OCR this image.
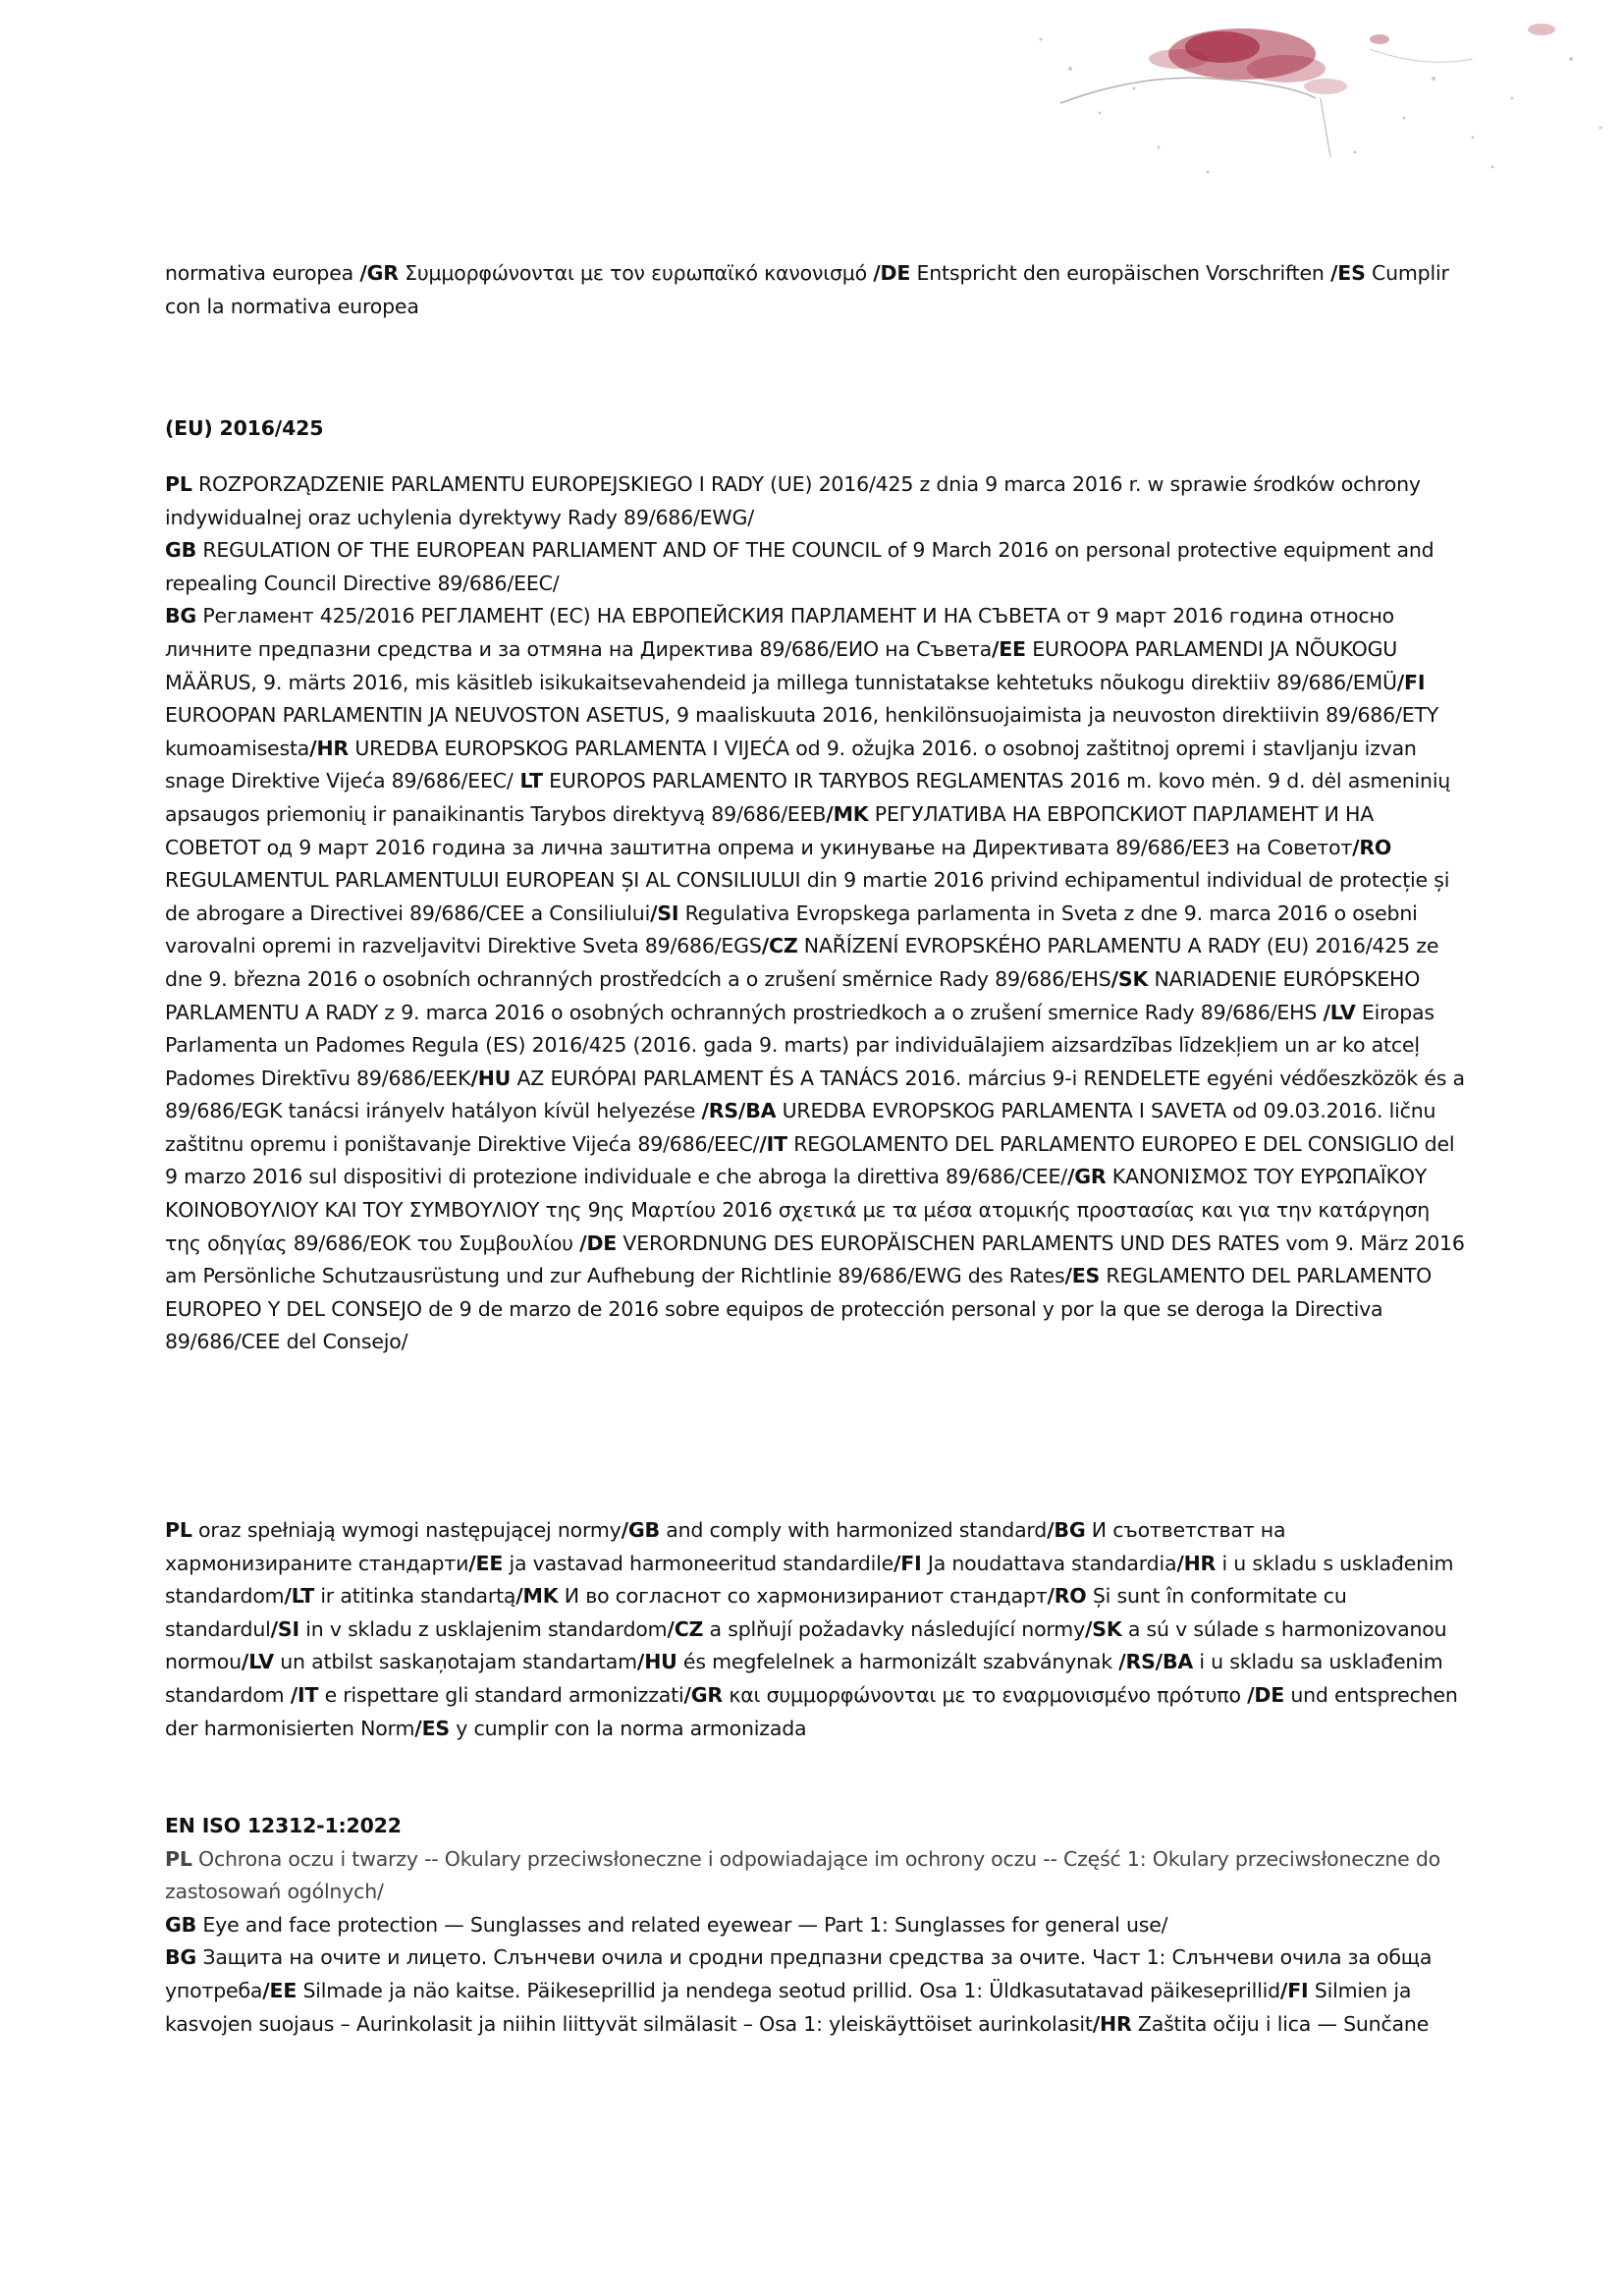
normativa europea /GR Συμμορφώνονται με τον ευρωπαϊκό κανονισμό /DE Entspricht den europäischen Vorschriften /ES Cumplir con la normativa europea

(EU) 2016/425

PL ROZPORZĄDZENIE PARLAMENTU EUROPEJSKIEGO I RADY (UE) 2016/425 z dnia 9 marca 2016 r. w sprawie środków ochrony indywidualnej oraz uchylenia dyrektywy Rady 89/686/EWG/
GB REGULATION OF THE EUROPEAN PARLIAMENT AND OF THE COUNCIL of 9 March 2016 on personal protective equipment and repealing Council Directive 89/686/EEC/
BG Регламент 425/2016 РЕГЛАМЕНТ (ЕС) НА ЕВРОПЕЙСКИЯ ПАРЛАМЕНТ И НА СЪВЕТА от 9 март 2016 година относно личните предпазни средства и за отмяна на Директива 89/686/ЕИО на Съвета/EE EUROOPA PARLAMENDI JA NÕUKOGU MÄÄRUS, 9. märts 2016, mis käsitleb isikukaitsevahendeid ja millega tunnistatakse kehtetuks nõukogu direktiiv 89/686/EMÜ/FI EUROOPAN PARLAMENTIN JA NEUVOSTON ASETUS, 9 maaliskuuta 2016, henkilönsuojaimista ja neuvoston direktiivin 89/686/ETY kumoamisesta/HR UREDBA EUROPSKOG PARLAMENTA I VIJEĆA od 9. ožujka 2016. o osobnoj zaštitnoj opremi i stavljanju izvan snage Direktive Vijeća 89/686/EEC/ LT EUROPOS PARLAMENTO IR TARYBOS REGLAMENTAS 2016 m. kovo mėn. 9 d. dėl asmeninių apsaugos priemonių ir panaikinantis Tarybos direktyvą 89/686/EEB/MK РЕГУЛАТИВА НА ЕВРОПСКИОТ ПАРЛАМЕНТ И НА СОВЕТОТ од 9 март 2016 година за лична заштитна опрема и укинување на Директивата 89/686/ЕЕЗ на Советот/RO REGULAMENTUL PARLAMENTULUI EUROPEAN ȘI AL CONSILIULUI din 9 martie 2016 privind echipamentul individual de protecție și de abrogare a Directivei 89/686/CEE a Consiliului/SI Regulativa Evropskega parlamenta in Sveta z dne 9. marca 2016 o osebni varovalni opremi in razveljavitvi Direktive Sveta 89/686/EGS/CZ NAŘÍZENÍ EVROPSKÉHO PARLAMENTU A RADY (EU) 2016/425 ze dne 9. března 2016 o osobních ochranných prostředcích a o zrušení směrnice Rady 89/686/EHS/SK NARIADENIE EURÓPSKEHO PARLAMENTU A RADY z 9. marca 2016 o osobných ochranných prostriedkoch a o zrušení smernice Rady 89/686/EHS /LV Eiropas Parlamenta un Padomes Regula (ES) 2016/425 (2016. gada 9. marts) par individuālajiem aizsardzības līdzekļiem un ar ko atceļ Padomes Direktīvu 89/686/EEK/HU AZ EURÓPAI PARLAMENT ÉS A TANÁCS 2016. március 9-i RENDELETE egyéni védőeszközök és a 89/686/EGK tanácsi irányelv hatályon kívül helyezése /RS/BA UREDBA EVROPSKOG PARLAMENTA I SAVETA od 09.03.2016. ličnu zaštitnu opremu i poništavanje Direktive Vijeća 89/686/EEC//IT REGOLAMENTO DEL PARLAMENTO EUROPEO E DEL CONSIGLIO del 9 marzo 2016 sul dispositivi di protezione individuale e che abroga la direttiva 89/686/CEE//GR ΚΑΝΟΝΙΣΜΟΣ ΤΟΥ ΕΥΡΩΠΑΪΚΟΥ ΚΟΙΝΟΒΟΥΛΙΟΥ ΚΑΙ ΤΟΥ ΣΥΜΒΟΥΛΙΟΥ της 9ης Μαρτίου 2016 σχετικά με τα μέσα ατομικής προστασίας και για την κατάργηση της οδηγίας 89/686/ΕΟΚ του Συμβουλίου /DE VERORDNUNG DES EUROPÄISCHEN PARLAMENTS UND DES RATES vom 9. März 2016 am Persönliche Schutzausrüstung und zur Aufhebung der Richtlinie 89/686/EWG des Rates/ES REGLAMENTO DEL PARLAMENTO EUROPEO Y DEL CONSEJO de 9 de marzo de 2016 sobre equipos de protección personal y por la que se deroga la Directiva 89/686/CEE del Consejo/

PL oraz spełniają wymogi następującej normy/GB and comply with harmonized standard/BG И съответстват на хармонизираните стандарти/EE ja vastavad harmoneeritud standardile/FI Ja noudattava standardia/HR i u skladu s usklađenim standardom/LT ir atitinka standartą/MK И во согласнот со хармонизираниот стандарт/RO Și sunt în conformitate cu standardul/SI in v skladu z usklajenim standardom/CZ a splňují požadavky následující normy/SK a sú v súlade s harmonizovanou normou/LV un atbilst saskaņotajam standartam/HU és megfelelnek a harmonizált szabványnak /RS/BA i u skladu sa usklađenim standardom /IT e rispettare gli standard armonizzati/GR και συμμορφώνονται με το εναρμονισμένο πρότυπο /DE und entsprechen der harmonisierten Norm/ES y cumplir con la norma armonizada

EN ISO 12312-1:2022
PL Ochrona oczu i twarzy -- Okulary przeciwsłoneczne i odpowiadające im ochrony oczu -- Część 1: Okulary przeciwsłoneczne do zastosowań ogólnych/
GB Eye and face protection — Sunglasses and related eyewear — Part 1: Sunglasses for general use/
BG Защита на очите и лицето. Слънчеви очила и сродни предпазни средства за очите. Част 1: Слънчеви очила за обща употреба/EE Silmade ja näo kaitse. Päikeseprillid ja nendega seotud prillid. Osa 1: Üldkasutatavad päikeseprillid/FI Silmien ja kasvojen suojaus – Aurinkolasit ja niihin liittyvät silmälasit – Osa 1: yleiskäyttöiset aurinkolasit/HR Zaštita očiju i lica — Sunčane
